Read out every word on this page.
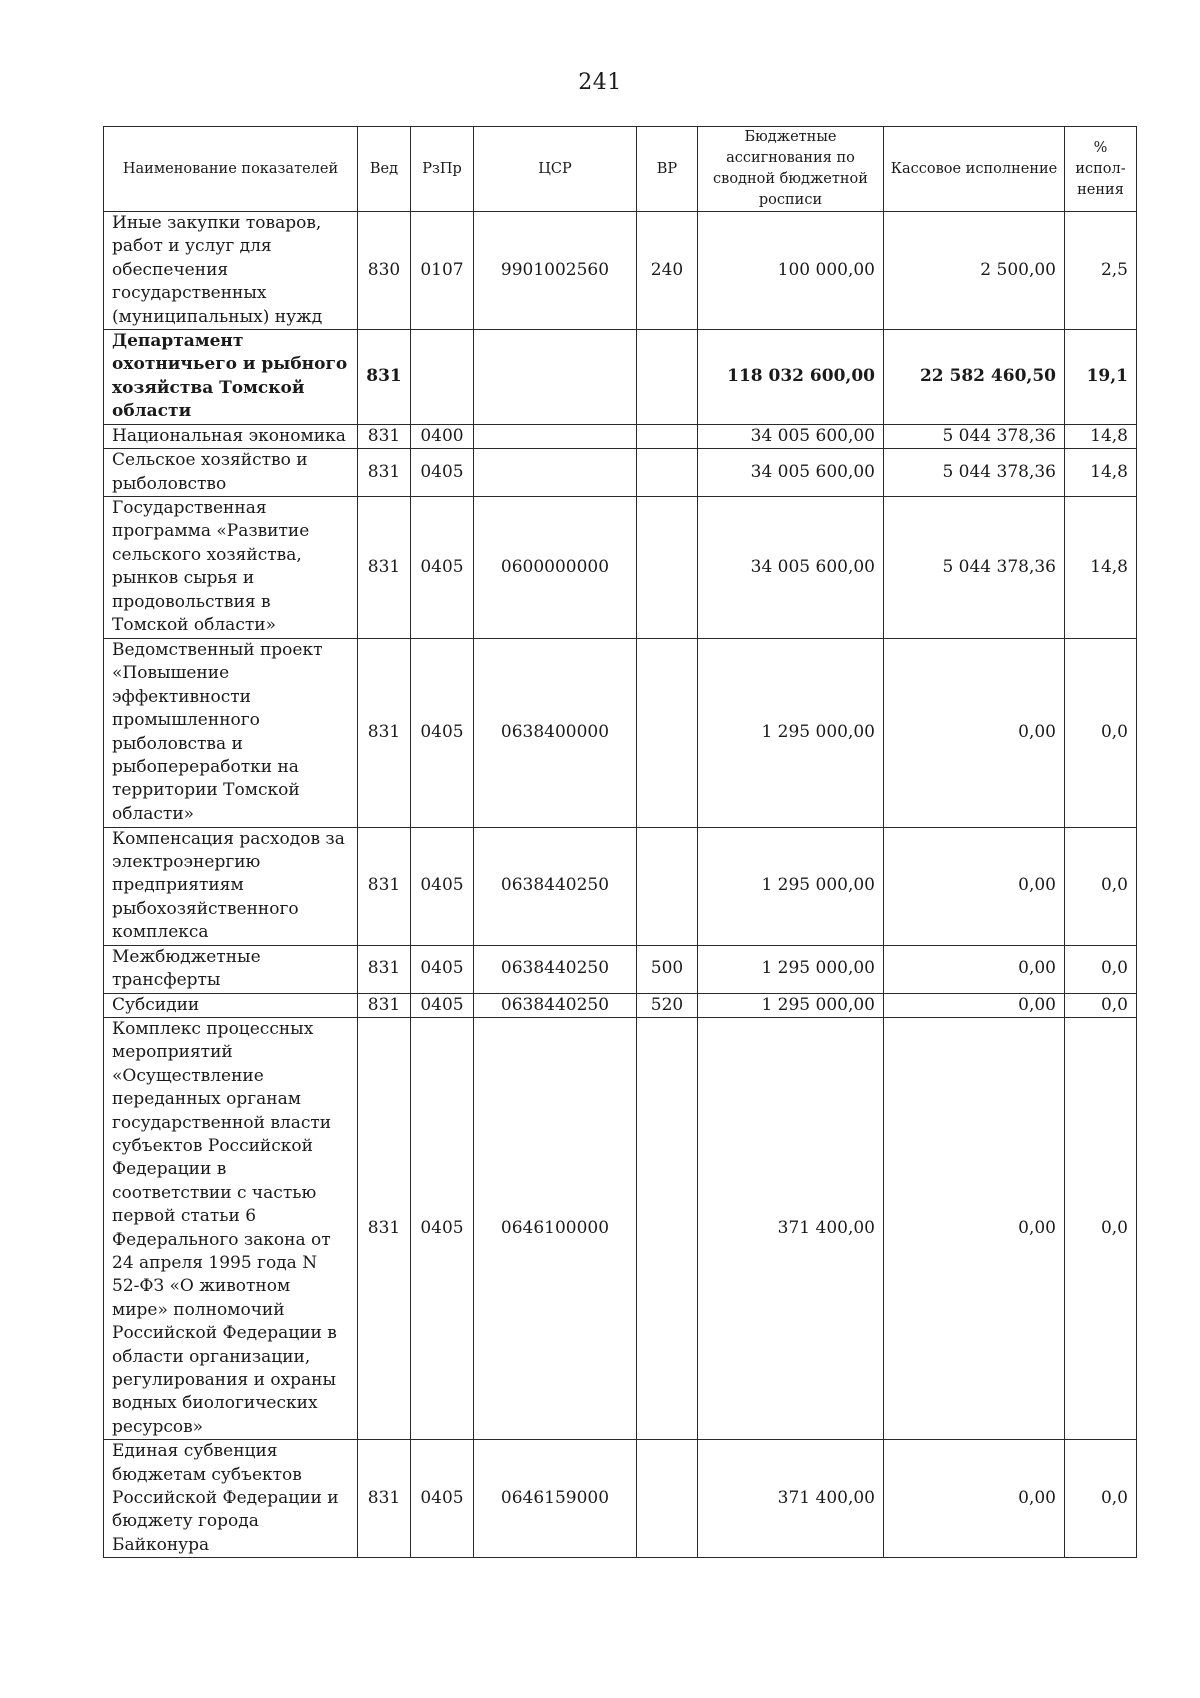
241
Наименование показателей	Вед	РзПр	ЦСР	ВР	Бюджетные ассигнования по сводной бюджетной росписи	Кассовое исполнение	% испол-нения
Иные закупки товаров, работ и услуг для обеспечения государственных (муниципальных) нужд	830	0107	9901002560	240	100 000,00	2 500,00	2,5
Департамент охотничьего и рыбного хозяйства Томской области	831				118 032 600,00	22 582 460,50	19,1
Национальная экономика	831	0400			34 005 600,00	5 044 378,36	14,8
Сельское хозяйство и рыболовство	831	0405			34 005 600,00	5 044 378,36	14,8
Государственная программа «Развитие сельского хозяйства, рынков сырья и продовольствия в Томской области»	831	0405	0600000000		34 005 600,00	5 044 378,36	14,8
Ведомственный проект «Повышение эффективности промышленного рыболовства и рыбопереработки на территории Томской области»	831	0405	0638400000		1 295 000,00	0,00	0,0
Компенсация расходов за электроэнергию предприятиям рыбохозяйственного комплекса	831	0405	0638440250		1 295 000,00	0,00	0,0
Межбюджетные трансферты	831	0405	0638440250	500	1 295 000,00	0,00	0,0
Субсидии	831	0405	0638440250	520	1 295 000,00	0,00	0,0
Комплекс процессных мероприятий «Осуществление переданных органам государственной власти субъектов Российской Федерации в соответствии с частью первой статьи 6 Федерального закона от 24 апреля 1995 года N 52-ФЗ «О животном мире» полномочий Российской Федерации в области организации, регулирования и охраны водных биологических ресурсов»	831	0405	0646100000		371 400,00	0,00	0,0
Единая субвенция бюджетам субъектов Российской Федерации и бюджету города Байконура	831	0405	0646159000		371 400,00	0,00	0,0
